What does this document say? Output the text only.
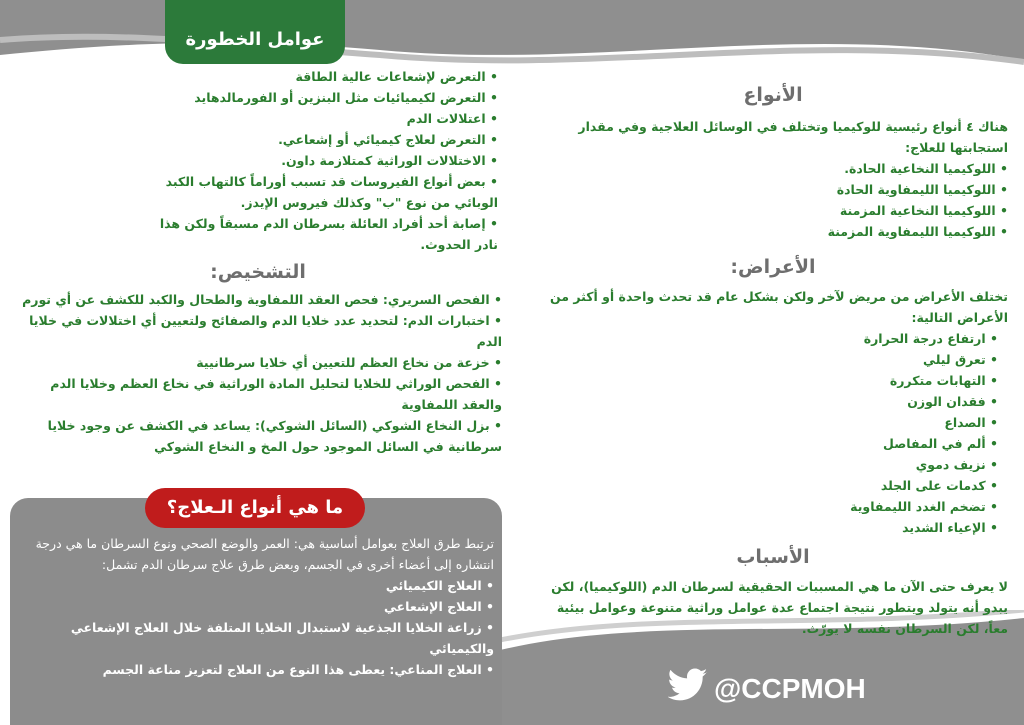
عوامل الخطورة
• التعرض لإشعاعات عالية الطاقة
• التعرض لكيميائيات مثل البنزين أو الفورمالدهايد
• اعتلالات الدم
• التعرض لعلاج كيميائي أو إشعاعي.
• الاختلالات الوراثية كمتلازمة داون.
• بعض أنواع الفيروسات قد تسبب أوراماً كالتهاب الكبد الوبائي من نوع "ب" وكذلك فيروس الإيدز.
• إصابة أحد أفراد العائلة بسرطان الدم مسبقاً ولكن هذا نادر الحدوث.
التشخيص:
• الفحص السريري: فحص العقد اللمفاوية والطحال والكبد للكشف عن أي تورم
• اختبارات الدم: لتحديد عدد خلايا الدم والصفائح ولتعيين أي اختلالات في خلايا الدم
• خزعة من نخاع العظم للتعيين أي خلايا سرطانيية
• الفحص الوراثي للخلايا لتحليل المادة الوراثية في نخاع العظم وخلايا الدم والعقد اللمفاوية
• بزل النخاع الشوكي (السائل الشوكي): يساعد في الكشف عن وجود خلايا سرطانية في السائل الموجود حول المخ و النخاع الشوكي
ما هي أنواع الـعلاج؟

ترتبط طرق العلاج بعوامل أساسية هي: العمر والوضع الصحي ونوع السرطان ما هي درجة انتشاره إلى أعضاء أخرى في الجسم، وبعض طرق علاج سرطان الدم تشمل:

• العلاج الكيميائي
• العلاج الإشعاعي
• زراعة الخلايا الجذعية لاستبدال الخلايا المتلفة خلال العلاج الإشعاعي والكيميائي
• العلاج المناعي: يعطى هذا النوع من العلاج لتعزيز مناعة الجسم
الأنواع

هناك ٤ أنواع رئيسية للوكيميا وتختلف في الوسائل العلاجية وفي مقدار استجابتها للعلاج:

• اللوكيميا النخاعية الحادة.
• اللوكيميا الليمفاوية الحادة
• اللوكيميا النخاعية المزمنة
• اللوكيميا الليمفاوية المزمنة
الأعراض:

تختلف الأعراض من مريض لآخر ولكن بشكل عام قد تحدث واحدة أو أكثر من الأعراض التالية:

• ارتفاع درجة الحرارة
• تعرق ليلي
• التهابات متكررة
• فقدان الوزن
• الصداع
• ألم في المفاصل
• نزيف دموي
• كدمات على الجلد
• تضخم الغدد الليمفاوية
• الإعياء الشديد
الأسباب

لا يعرف حتى الآن ما هي المسببات الحقيقية لسرطان الدم (اللوكيميا)، لكن يبدو أنه يتولد ويتطور نتيجة اجتماع عدة عوامل وراثية متنوعة وعوامل بيئية معاً، لكن السرطان نفسه لا يورّث.

@CCPMOH
